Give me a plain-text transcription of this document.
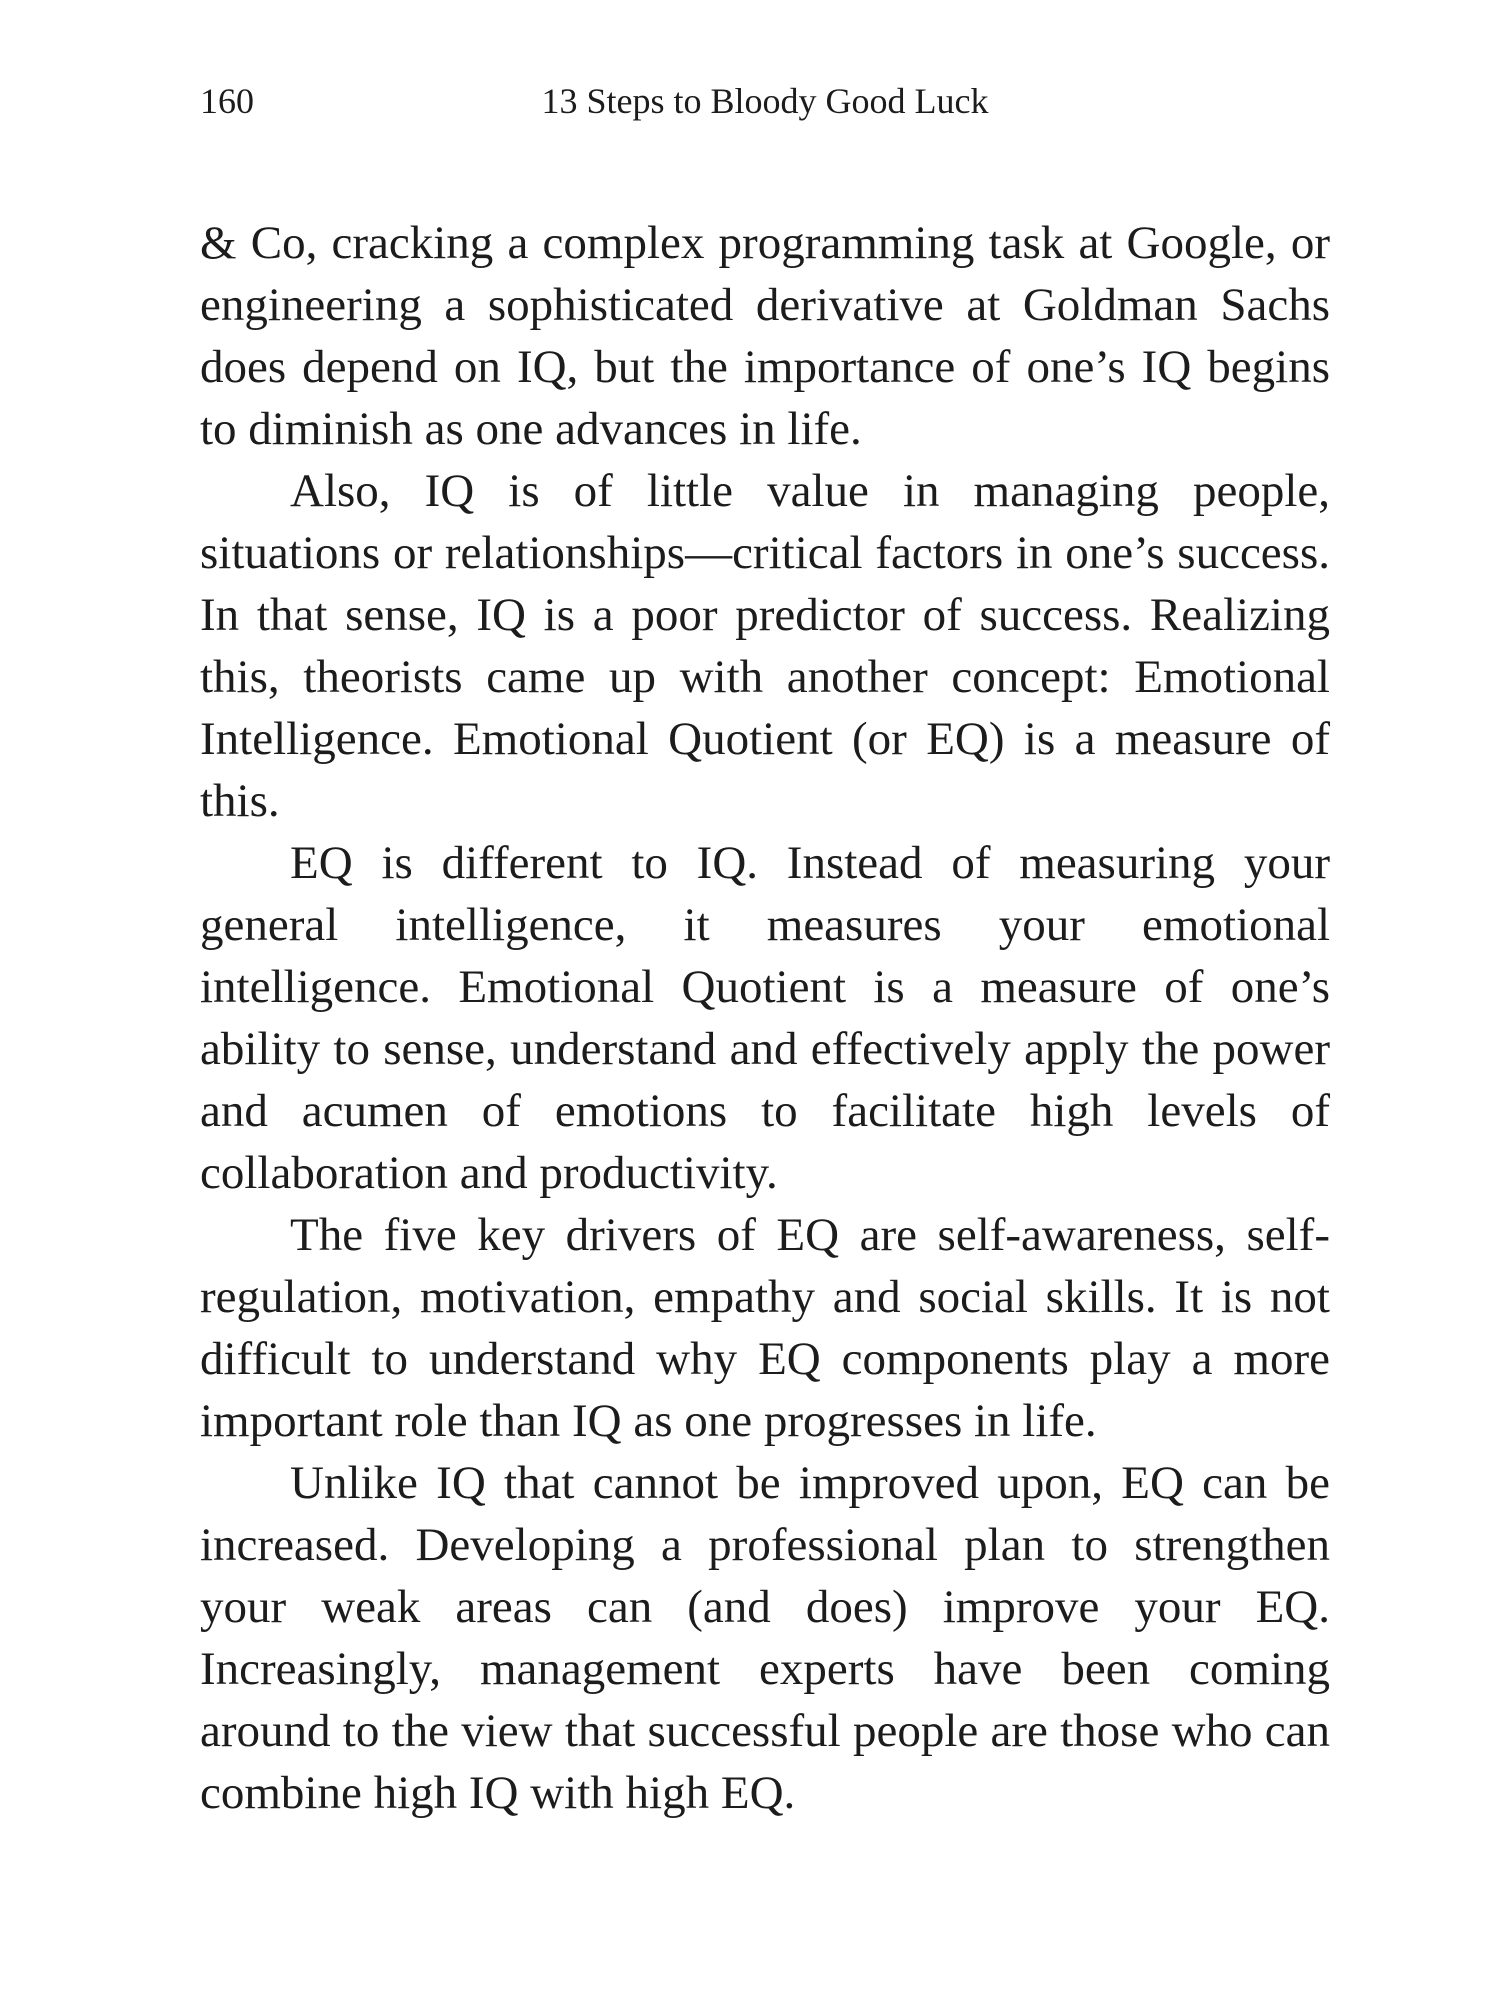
160	13 Steps to Bloody Good Luck

& Co, cracking a complex programming task at Google, or engineering a sophisticated derivative at Goldman Sachs does depend on IQ, but the importance of one’s IQ begins to diminish as one advances in life.

Also, IQ is of little value in managing people, situations or relationships—critical factors in one’s success. In that sense, IQ is a poor predictor of success. Realizing this, theorists came up with another concept: Emotional Intelligence. Emotional Quotient (or EQ) is a measure of this.

EQ is different to IQ. Instead of measuring your general intelligence, it measures your emotional intelligence. Emotional Quotient is a measure of one’s ability to sense, understand and effectively apply the power and acumen of emotions to facilitate high levels of collaboration and productivity.

The five key drivers of EQ are self-awareness, self-regulation, motivation, empathy and social skills. It is not difficult to understand why EQ components play a more important role than IQ as one progresses in life.

Unlike IQ that cannot be improved upon, EQ can be increased. Developing a professional plan to strengthen your weak areas can (and does) improve your EQ. Increasingly, management experts have been coming around to the view that successful people are those who can combine high IQ with high EQ.
